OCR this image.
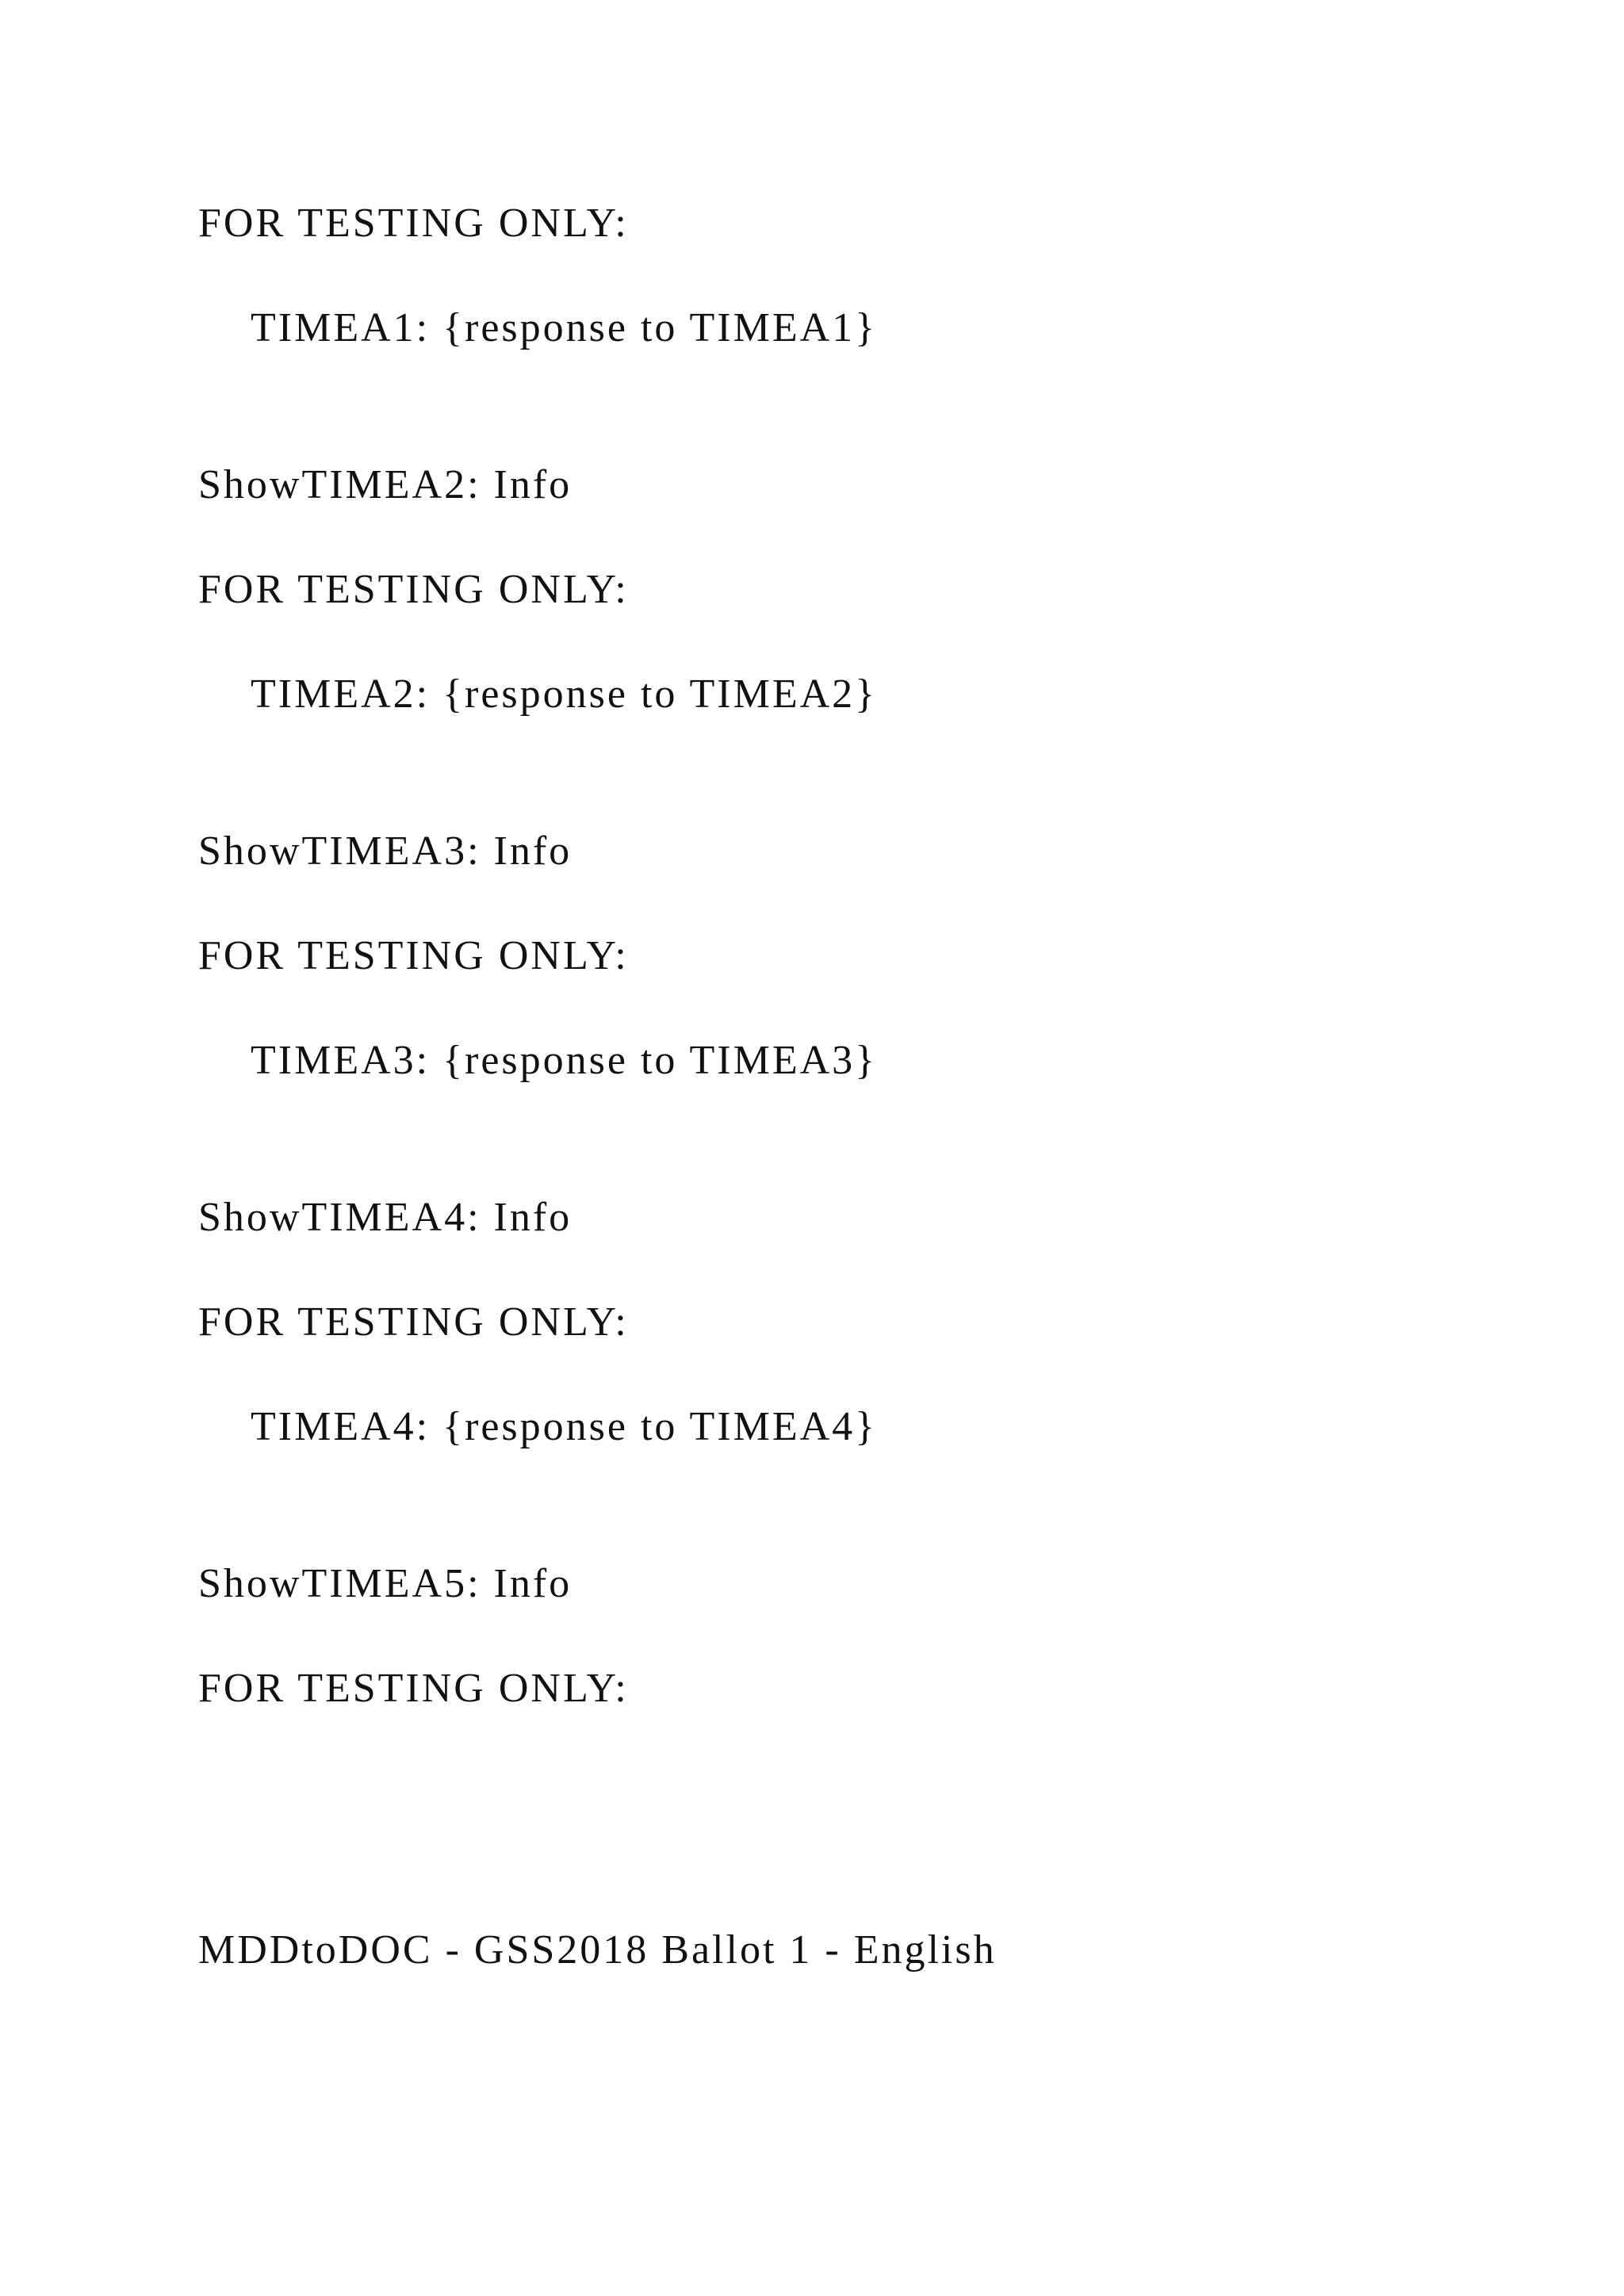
FOR TESTING ONLY:
TIMEA1: {response to TIMEA1}
ShowTIMEA2: Info
FOR TESTING ONLY:
TIMEA2: {response to TIMEA2}
ShowTIMEA3: Info
FOR TESTING ONLY:
TIMEA3: {response to TIMEA3}
ShowTIMEA4: Info
FOR TESTING ONLY:
TIMEA4: {response to TIMEA4}
ShowTIMEA5: Info
FOR TESTING ONLY:
MDDtoDOC - GSS2018 Ballot 1 - English
